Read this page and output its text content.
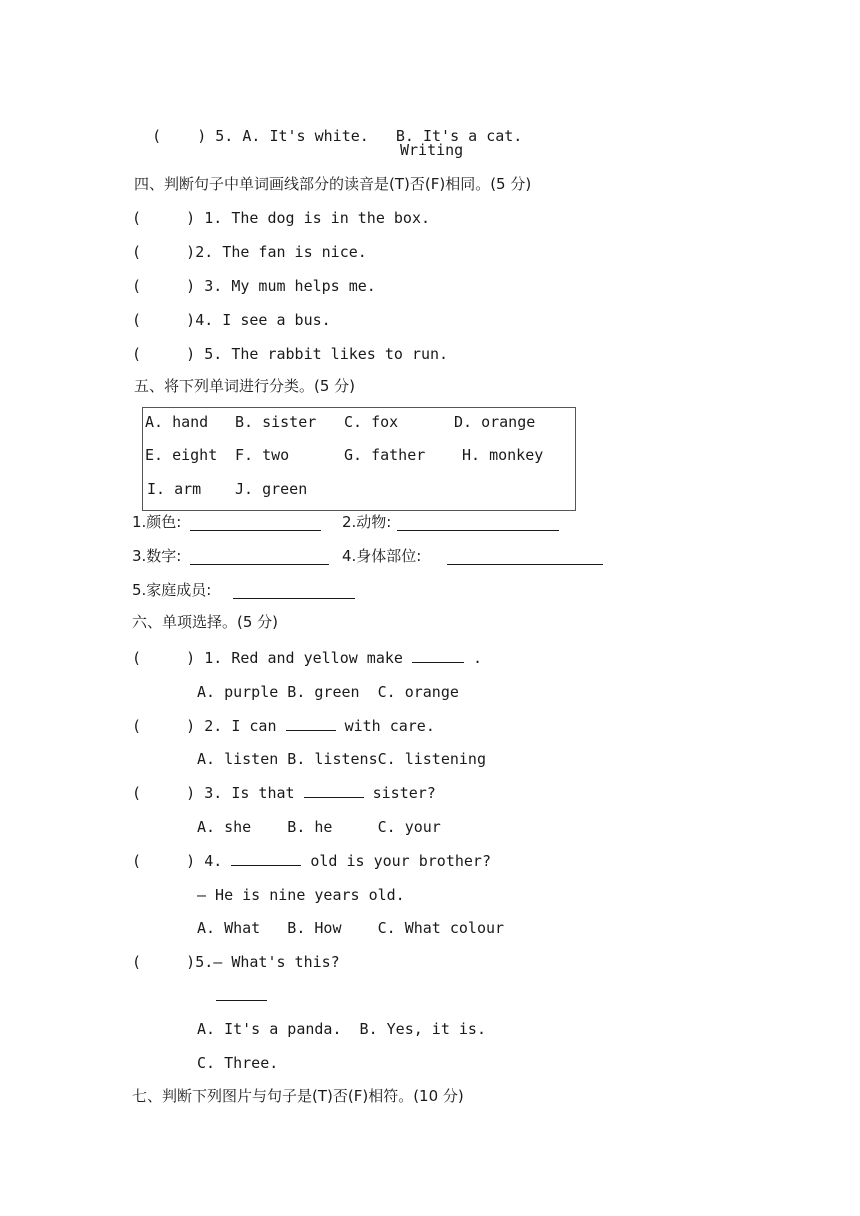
(    ) 5. A. It's white.   B. It's a cat.

Writing
四、判断句子中单词画线部分的读音是(T)否(F)相同。(5 分)
(     ) 1. The dog is in the box.
(     )2. The fan is nice.
(     ) 3. My mum helps me.
(     )4. I see a bus.
(     ) 5. The rabbit likes to run.
五、将下列单词进行分类。(5 分)
A. hand B. sister C. fox	D. orange
E. eight F. two	G. father H. monkey
I. arm J. green
1.颜色:	2.动物:
3.数字:	4.身体部位:
5.家庭成员:
六、单项选择。(5 分)
(     ) 1. Red and yellow make	.
A. purple B. green  C. orange
(     ) 2. I can	with care.
A. listen B. listensC. listening
(     ) 3. Is that	sister?
A. she    B. he     C. your
(     ) 4.	old is your brother?
— He is nine years old.
A. What   B. How    C. What colour
(     )5.— What's this?
A. It's a panda.  B. Yes, it is.
C. Three.
七、判断下列图片与句子是(T)否(F)相符。(10 分)
